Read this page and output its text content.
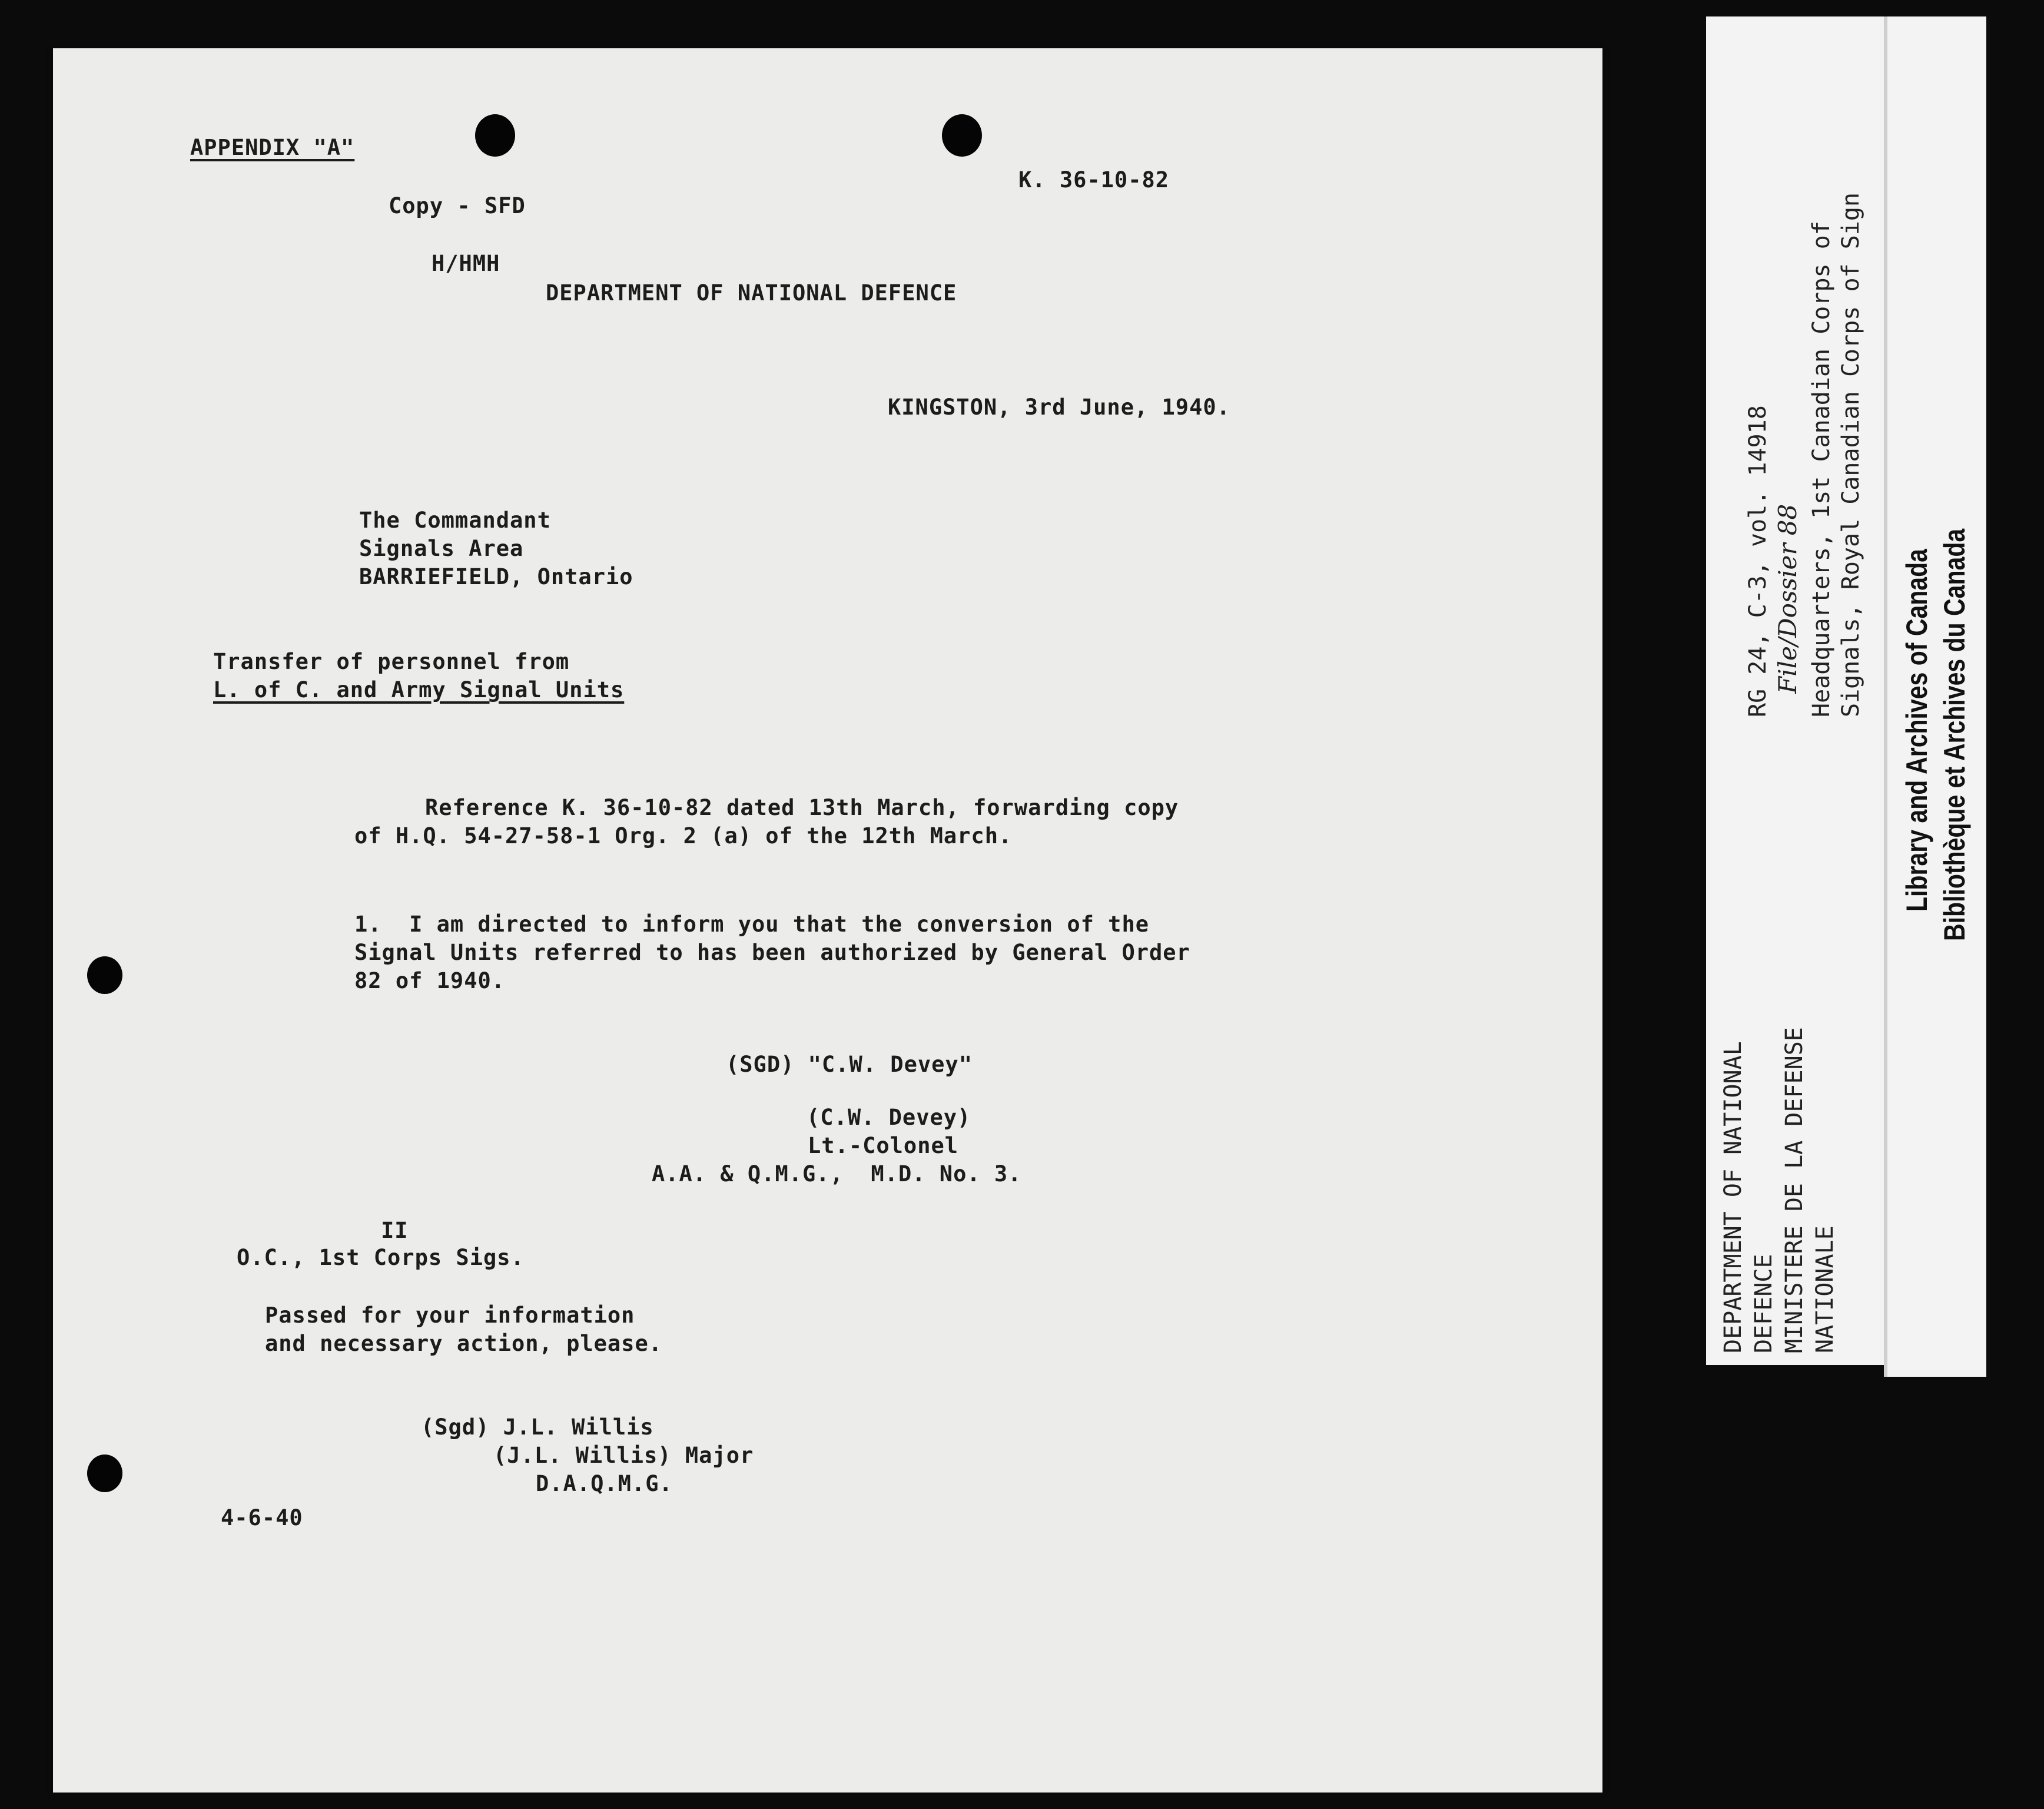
APPENDIX "A"
K. 36-10-82
Copy - SFD
H/HMH
DEPARTMENT OF NATIONAL DEFENCE
KINGSTON, 3rd June, 1940.
The Commandant
Signals Area
BARRIEFIELD, Ontario
Transfer of personnel from
L. of C. and Army Signal Units
Reference K. 36-10-82 dated 13th March, forwarding copy
of H.Q. 54-27-58-1 Org. 2 (a) of the 12th March.
1.  I am directed to inform you that the conversion of the
Signal Units referred to has been authorized by General Order
82 of 1940.
(SGD) "C.W. Devey"
(C.W. Devey)
Lt.-Colonel
A.A. & Q.M.G.,  M.D. No. 3.
II
O.C., 1st Corps Sigs.
Passed for your information
and necessary action, please.
(Sgd) J.L. Willis
(J.L. Willis) Major
D.A.Q.M.G.
4-6-40
RG 24, C-3, vol. 14918 File/Dossier 88 Headquarters, 1st Canadian Corps of Signals, Royal Canadian Corps of Sign
DEPARTMENT OF NATIONAL DEFENCE MINISTERE DE LA DEFENSE NATIONALE
Library and Archives of Canada Bibliothèque et Archives du Canada
